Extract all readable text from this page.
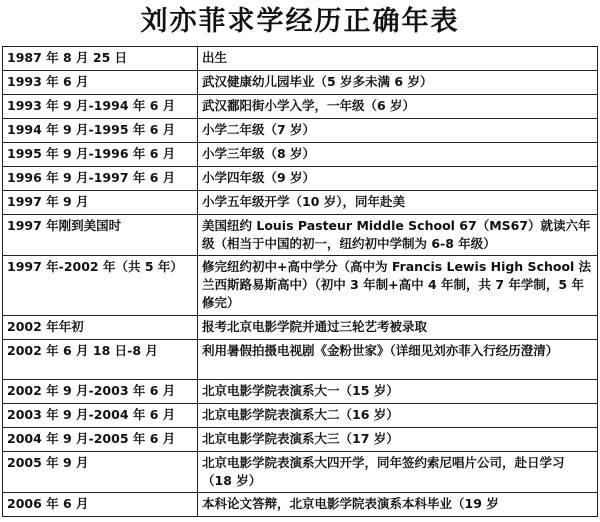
刘亦菲求学经历正确年表
1987 年 8 月 25 日	出生
1993 年 6 月	武汉健康幼儿园毕业（5 岁多未满 6 岁）
1993 年 9 月-1994 年 6 月	武汉鄱阳街小学入学，一年级（6 岁）
1994 年 9 月-1995 年 6 月	小学二年级（7 岁）
1995 年 9 月-1996 年 6 月	小学三年级（8 岁）
1996 年 9 月-1997 年 6 月	小学四年级（9 岁）
1997 年 9 月	小学五年级开学（10 岁），同年赴美
1997 年刚到美国时	美国纽约 Louis Pasteur Middle School 67（MS67）就读六年级（相当于中国的初一，纽约初中学制为 6-8 年级）
1997 年-2002 年（共 5 年）	修完纽约初中+高中学分（高中为 Francis Lewis High School 法兰西斯路易斯高中）（初中 3 年制+高中 4 年制，共 7 年学制，5 年修完）
2002 年年初	报考北京电影学院并通过三轮艺考被录取
2002 年 6 月 18 日-8 月	利用暑假拍摄电视剧《金粉世家》（详细见刘亦菲入行经历澄清）
2002 年 9 月-2003 年 6 月	北京电影学院表演系大一（15 岁）
2003 年 9 月-2004 年 6 月	北京电影学院表演系大二（16 岁）
2004 年 9 月-2005 年 6 月	北京电影学院表演系大三（17 岁）
2005 年 9 月	北京电影学院表演系大四开学，同年签约索尼唱片公司，赴日学习（18 岁）
2006 年 6 月	本科论文答辩，北京电影学院表演系本科毕业（19 岁
